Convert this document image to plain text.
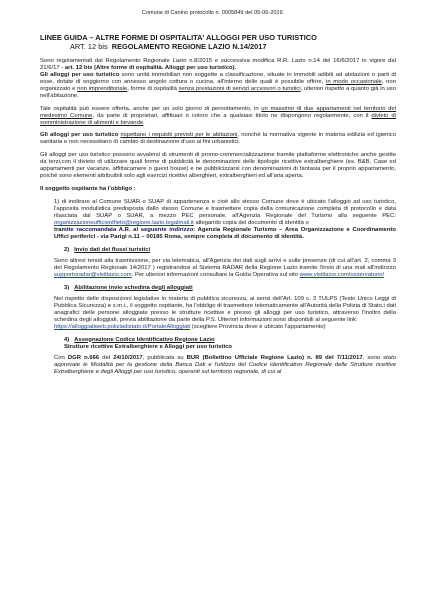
Comune di Canino protocollo n. 0005849 del 05-06-2019.
LINEE GUIDA – ALTRE FORME DI OSPITALITA' ALLOGGI PER USO TURISTICO
ART. 12 bis REGOLAMENTO REGIONE LAZIO N.14/2017

Sono regolamentati dal Regolamento Regionale Lazio n.8/2015 e successiva modifica R.R. Lazio n.14 del 16/6/2017 in vigore dal 21/6/17 - art. 12 bis (Altre forme di ospitalità. Alloggi per uso turistico).
Gli alloggi per uso turistico sono unità immobiliari non soggette a classificazione, situate in immobili adibiti ad abitazioni o parti di esse, dotate di soggiorno con annesso angolo cottura o cucina, all'interno delle quali è possibile offrire, in modo occasionale, non organizzato e non imprenditoriale, forme di ospitalità senza prestazioni di servizi accessori o turistici, ulteriori rispetto a quanto già in uso nell'abitazione.

Tale ospitalità può essere offerta, anche per un solo giorno di pernottamento, in un massimo di due appartamenti nel territorio del medesimo Comune, da parte di proprietari, affittuari o coloro che a qualsiasi titolo ne dispongono regolarmente, con il divieto di somministrazione di alimenti e bevande.

Gli alloggi per uso turistico rispettano i requisiti previsti per le abitazioni, nonché la normativa vigente in materia edilizia ed igienico sanitaria e non necessitano di cambio di destinazione d'uso ai fini urbanistici.

Gli alloggi per uso turistico possono avvalersi di strumenti di promo-commercializzazione tramite piattaforme elettroniche anche gestite da terzi,con il divieto di utilizzare quali forme di pubblicità le denominazioni delle tipologie ricettive extralberghiere (es. B&B, Case ed appartamenti per vacanze, affittacamere o guest house) e ne pubblicizzarsi con denominazioni di fantasia per il proprio appartamento, poiché sono elementi attribuibili solo agli esercizi ricettivi alberghieri, extralberghieri ed all'aria aperta.

Il soggetto ospitante ha l'obbligo :

1) di inoltrare al Comune SUAR o SUAP di appartenenza e cioè allo stesso Comune dove è ubicato l'alloggio ad uso turistico, l'apposita modulistica predisposta dallo stesso Comune e trasmettere copia della comunicazione completa di protocollo e data rilasciata dal SUAP o SUAR, a mezzo PEC personale, all'Agenzia Regionale del Turismo alla seguente PEC: organizzazioneufficientfieto@regione.lazio.legalmail.it allegando copia del documento di identità o
tramite raccomandata A.R. al seguente indirizzo: Agenzia Regionale Turismo – Area Organizzazione e Coordinamento Uffici periferici - via Parigi n.11 – 00185 Roma, sempre completa di documento di identità.

2) Invio dati dei flussi turistici

Sono altresì tenuti alla trasmissione, per via telematica, all'Agenzia dei dati sugli arrivi e sulle presenze (di cui all'art. 2, comma 3 del Regolamento Regionale 14/2017 ) registrandosi al Sistema RADAR della Regione Lazio tramite l'invio di una mail all'indirizzo supportoradar@visitlazio.com. Per ulteriori informazioni consultare la Guida Operativa sul sito www.visitlazio.com/osservatorio/

3) Abilitazione invio schedina degli alloggiati

Nel rispetto delle disposizioni legislative in materia di pubblica sicurezza, ai sensi dell'Art. 109 c. 3 TULPS (Testo Unico Leggi di Pubblica Sicurezza) e s.m.i., il soggetto ospitante, ha l'obbligo di trasmettere telematicamente all'Autorità della Polizia di Stato,i dati anagrafici delle persone alloggiate presso le strutture ricettive e presso gli alloggi per uso turistico, attraverso l'inoltro della schedina degli alloggiati, previa abilitazione da parte della P.S. Ulteriori informazioni sono disponibili al seguente link:
https://alloggiatiweb.poliziadistato.it/PortaleAlloggiati (scegliere Provincia dove è ubicato l'appartamento)

4) Assegnazione Codice Identificativo Regione Lazio
Strutture ricettive Extralberghiere e Alloggi per uso turistico

Con DGR n.666 del 24/10/2017, pubblicata su BUR (Bollettino Ufficiale Regione Lazio) n. 89 del 7/11/2017, sono stato approvate le Modalità per la gestione della Banca Dati e l'utilizzo del Codice identificativo Regionale delle Strutture ricettive Extralberghiere e degli Alloggi per uso turistico, operanti sul territorio regionale, di cui al
